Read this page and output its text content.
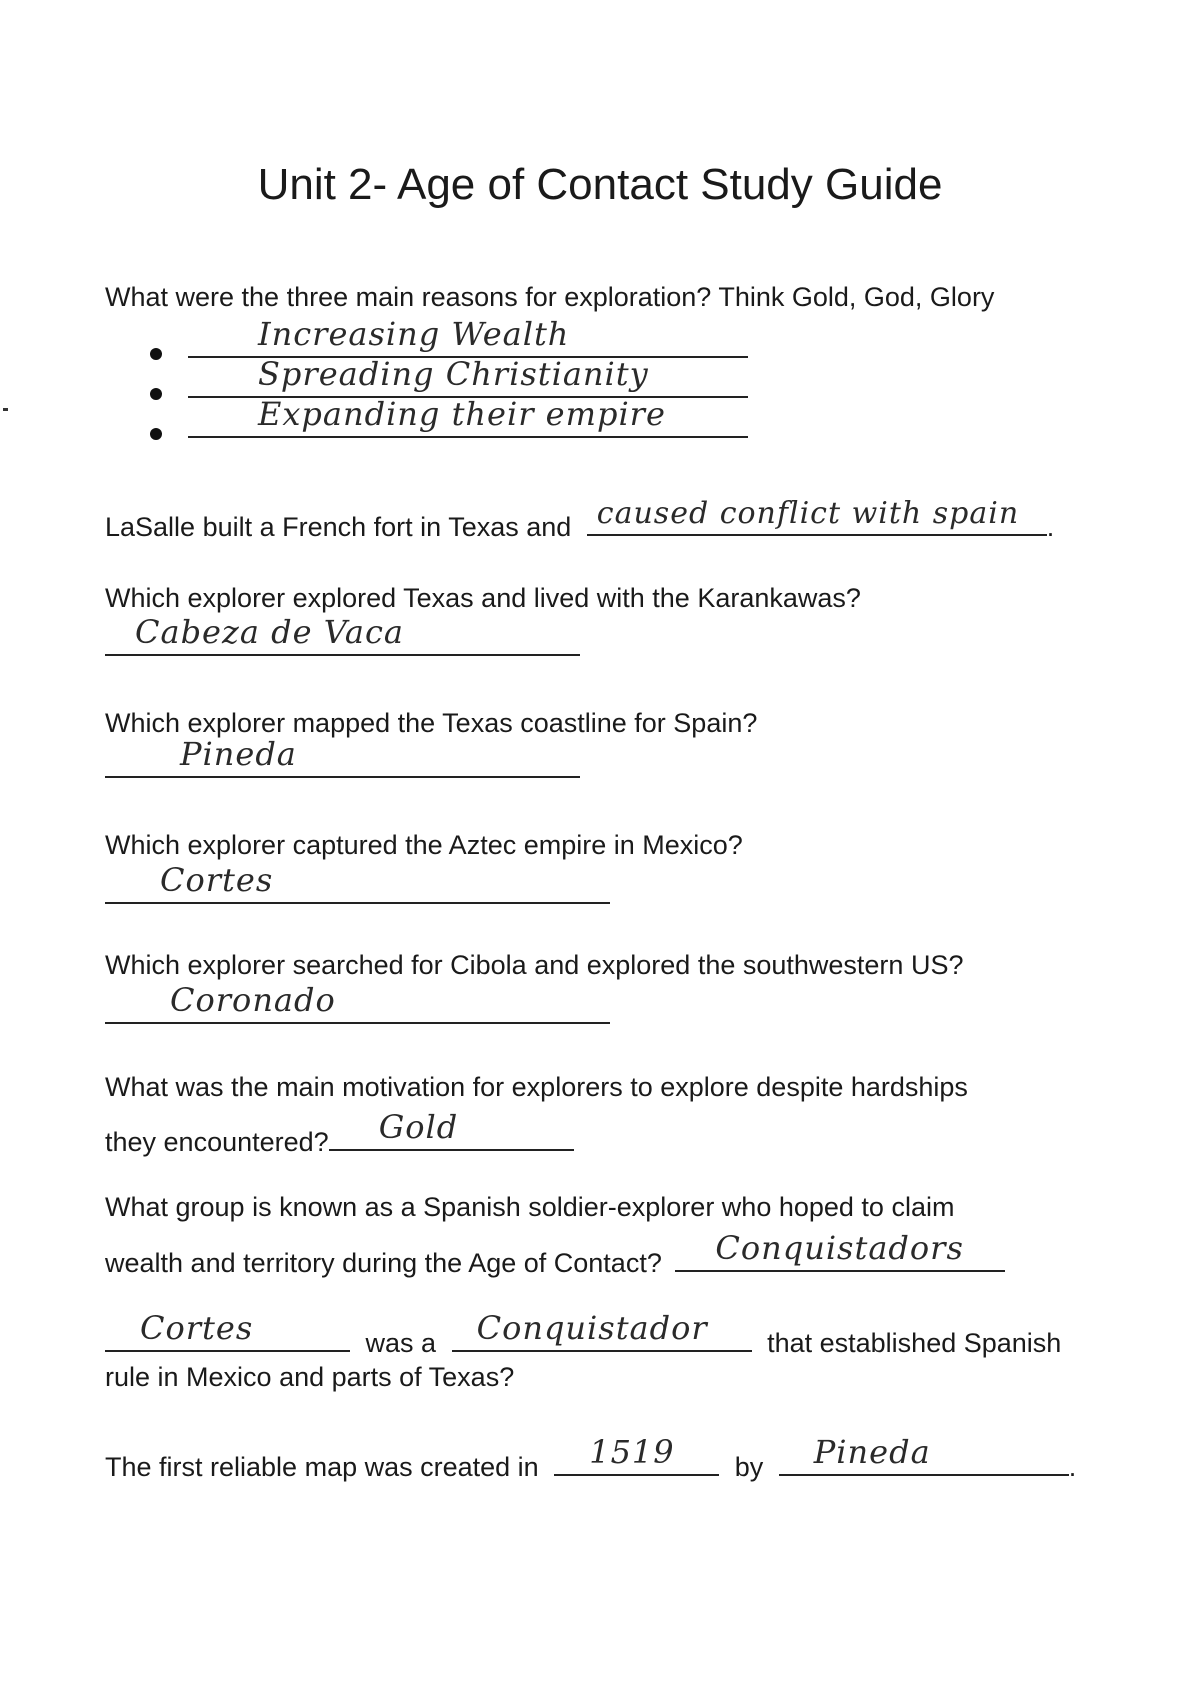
Unit 2- Age of Contact Study Guide
What were the three main reasons for exploration? Think Gold, God, Glory
Increasing Wealth
Spreading Christianity
Expanding their empire
LaSalle built a French fort in Texas and caused conflict with spain .
Which explorer explored Texas and lived with the Karankawas?
Cabeza de Vaca
Which explorer mapped the Texas coastline for Spain?
Pineda
Which explorer captured the Aztec empire in Mexico?
Cortes
Which explorer searched for Cibola and explored the southwestern US?
Coronado
What was the main motivation for explorers to explore despite hardships
they encountered? Gold
What group is known as a Spanish soldier-explorer who hoped to claim
wealth and territory during the Age of Contact? Conquistadors
Cortes	was a Conquistador that established Spanish
rule in Mexico and parts of Texas?
The first reliable map was created in 1519 by Pineda	.
